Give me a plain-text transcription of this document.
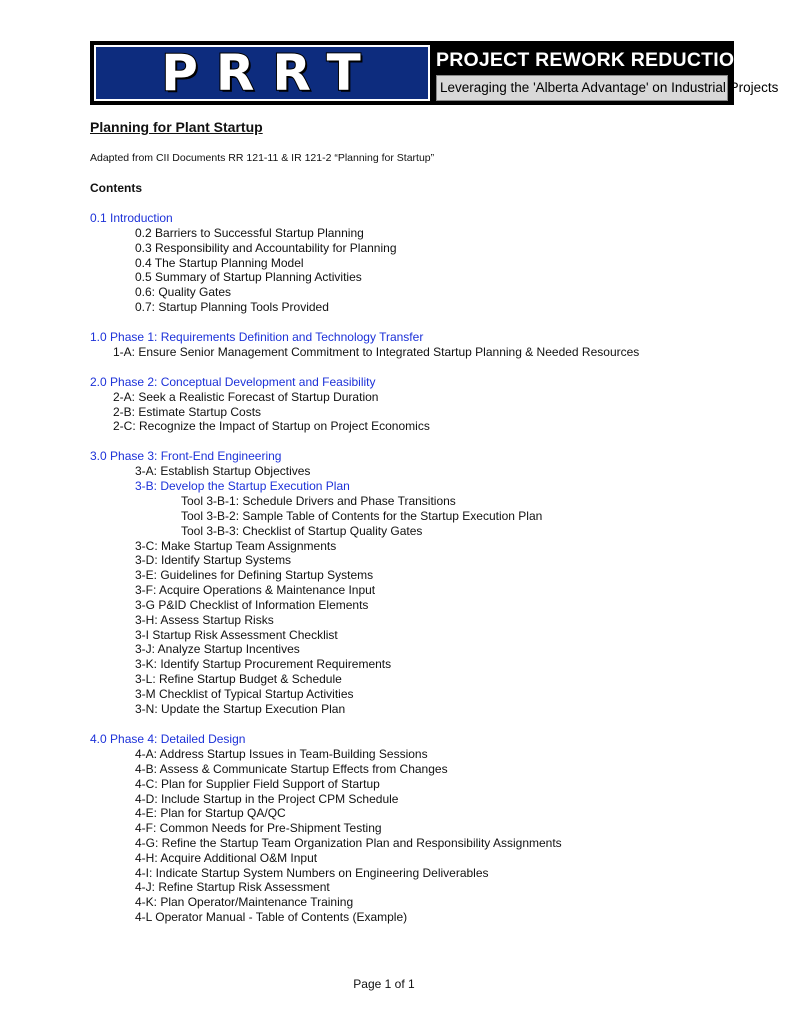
PRRT	PROJECT REWORK REDUCTION TOOL
Leveraging the 'Alberta Advantage' on Industrial Projects
Planning for Plant Startup
Adapted from CII Documents RR 121-11 & IR 121-2 “Planning for Startup”
Contents
0.1 Introduction
0.2 Barriers to Successful Startup Planning
0.3 Responsibility and Accountability for Planning
0.4 The Startup Planning Model
0.5 Summary of Startup Planning Activities
0.6: Quality Gates
0.7: Startup Planning Tools Provided
1.0 Phase 1: Requirements Definition and Technology Transfer
1-A: Ensure Senior Management Commitment to Integrated Startup Planning & Needed Resources
2.0 Phase 2: Conceptual Development and Feasibility
2-A: Seek a Realistic Forecast of Startup Duration
2-B: Estimate Startup Costs
2-C: Recognize the Impact of Startup on Project Economics
3.0 Phase 3: Front-End Engineering
3-A: Establish Startup Objectives
3-B: Develop the Startup Execution Plan
Tool 3-B-1: Schedule Drivers and Phase Transitions
Tool 3-B-2: Sample Table of Contents for the Startup Execution Plan
Tool 3-B-3: Checklist of Startup Quality Gates
3-C: Make Startup Team Assignments
3-D: Identify Startup Systems
3-E: Guidelines for Defining Startup Systems
3-F: Acquire Operations & Maintenance Input
3-G P&ID Checklist of Information Elements
3-H: Assess Startup Risks
3-I Startup Risk Assessment Checklist
3-J: Analyze Startup Incentives
3-K: Identify Startup Procurement Requirements
3-L: Refine Startup Budget & Schedule
3-M Checklist of Typical Startup Activities
3-N: Update the Startup Execution Plan
4.0 Phase 4: Detailed Design
4-A: Address Startup Issues in Team-Building Sessions
4-B: Assess & Communicate Startup Effects from Changes
4-C: Plan for Supplier Field Support of Startup
4-D: Include Startup in the Project CPM Schedule
4-E: Plan for Startup QA/QC
4-F: Common Needs for Pre-Shipment Testing
4-G: Refine the Startup Team Organization Plan and Responsibility Assignments
4-H: Acquire Additional O&M Input
4-I: Indicate Startup System Numbers on Engineering Deliverables
4-J: Refine Startup Risk Assessment
4-K: Plan Operator/Maintenance Training
4-L Operator Manual - Table of Contents (Example)
Page 1 of 1
